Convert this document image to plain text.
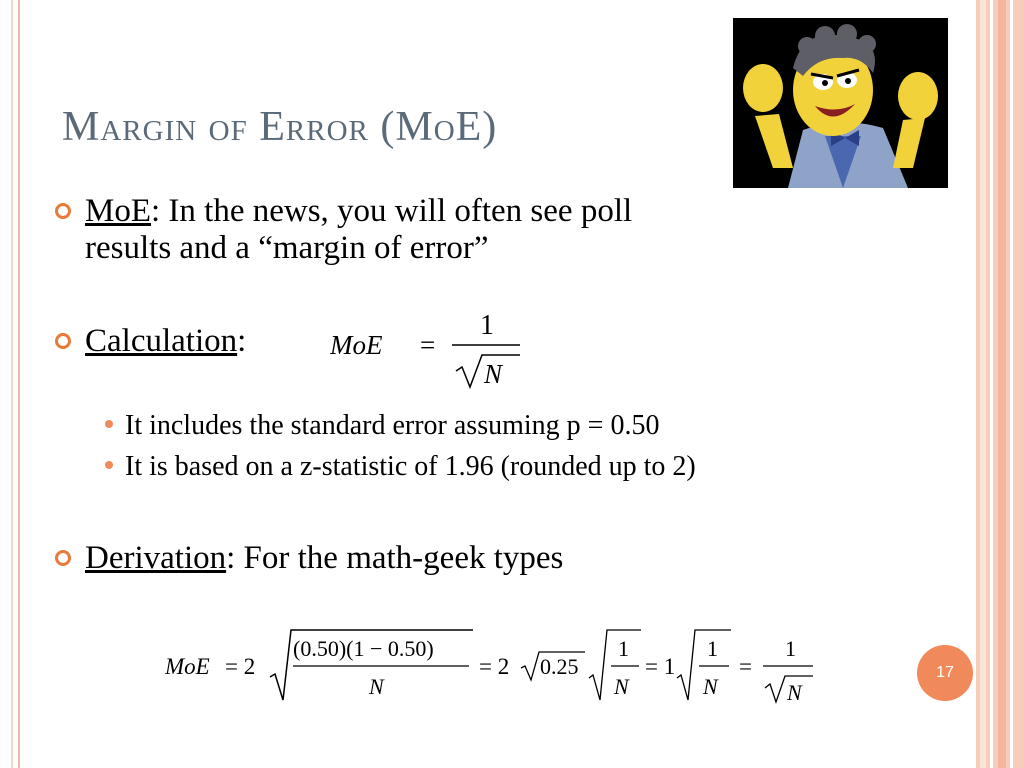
Margin of Error (MoE)
MoE: In the news, you will often see poll
results and a “margin of error”
Calculation:	MoE =
1
N
It includes the standard error assuming p = 0.50
It is based on a z-statistic of 1.96 (rounded up to 2)
Derivation: For the math-geek types
MoE = 2
(0.50)(1 − 0.50)
N
= 2 0.25
1
N
= 1
1
N
=
1
N
17
